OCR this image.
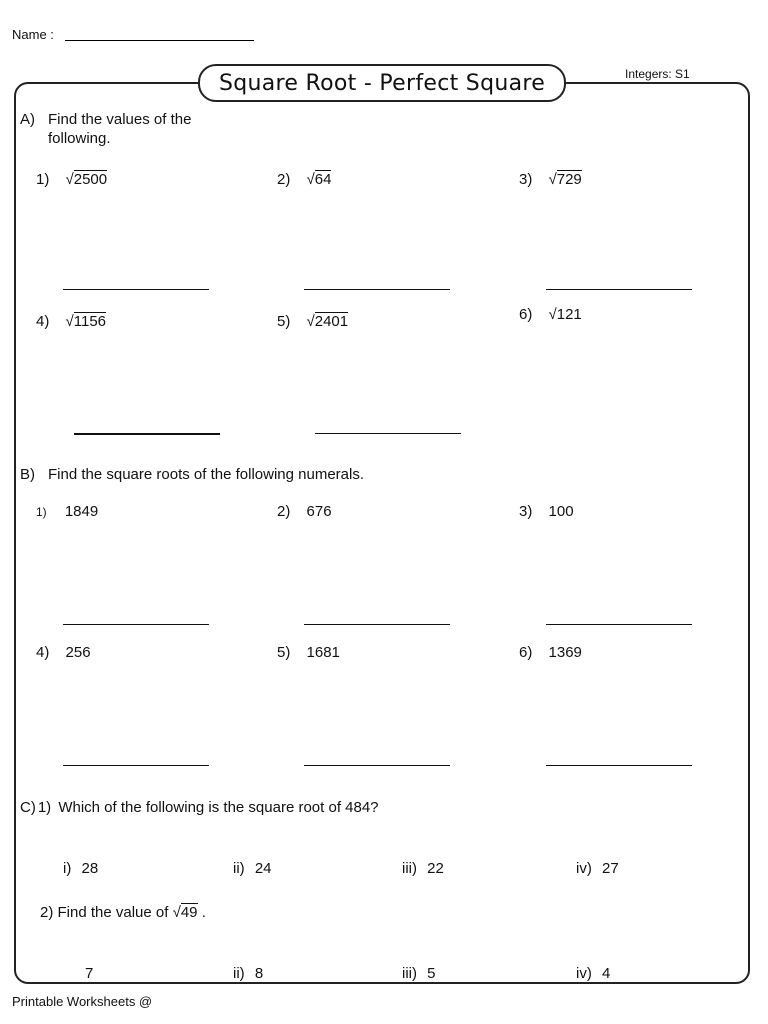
Name :
Integers: S1
Square Root - Perfect Square
A) Find the values of the
following.
1) √2500	2) √64	3) √729
4) √1156	5) √2401	6) √121
B) Find the square roots of the following numerals.
1) 1849	2) 676	3) 100
4) 256	5) 1681	6) 1369
C) 1) Which of the following is the square root of 484?
i) 28	ii) 24	iii) 22	iv) 27
2) Find the value of √49 .
7	ii) 8	iii) 5	iv) 4
Printable Worksheets @
